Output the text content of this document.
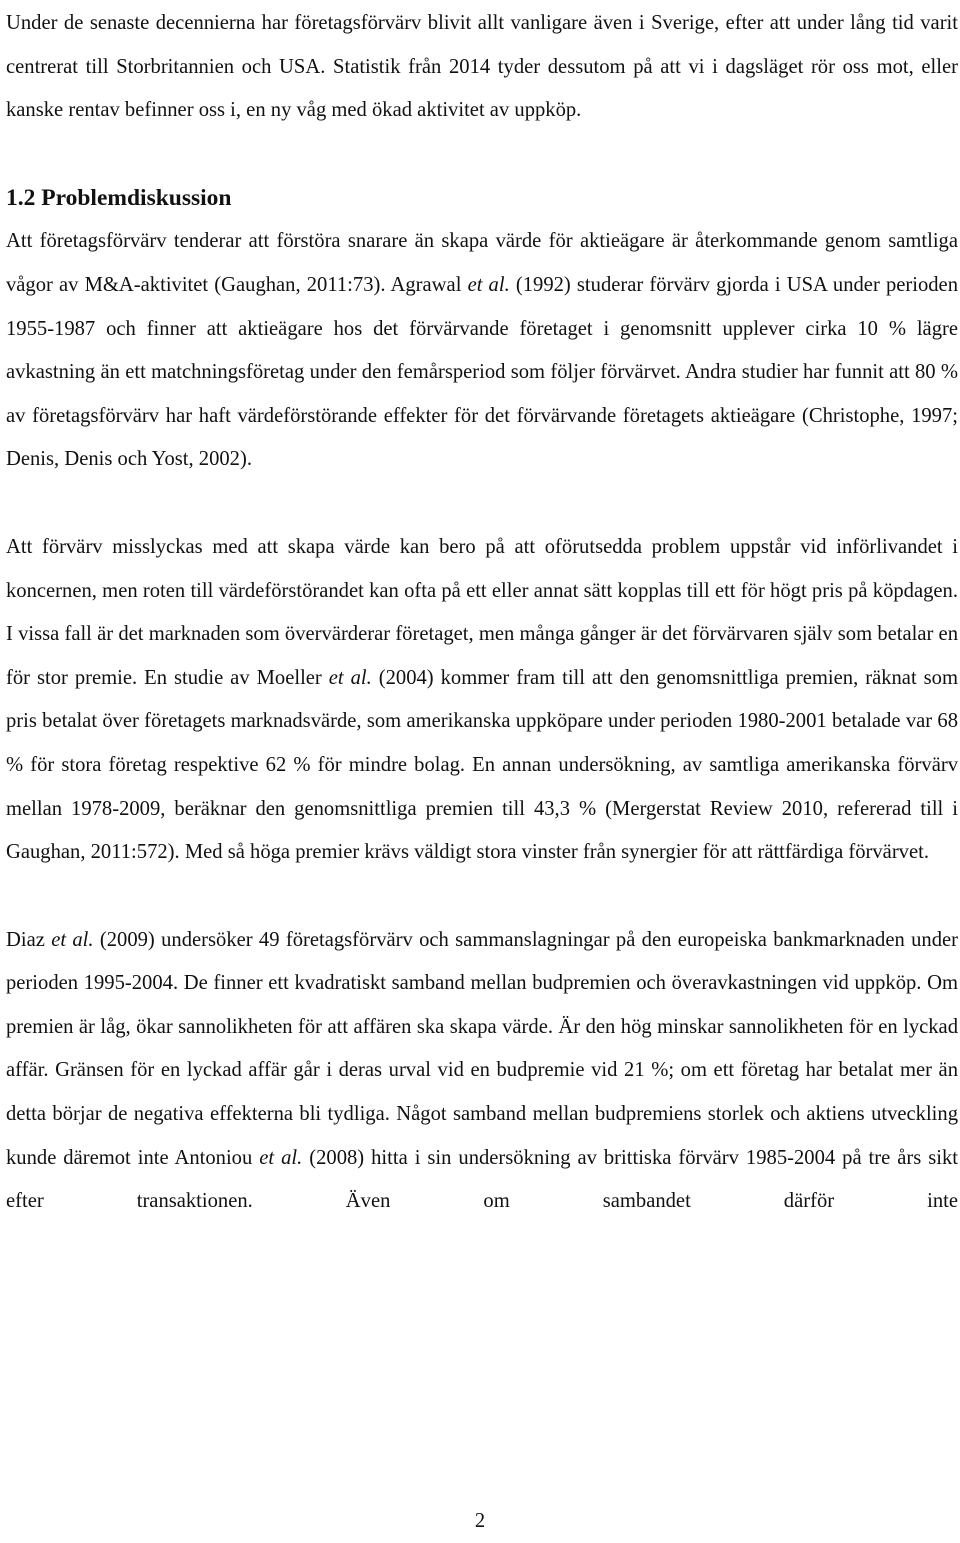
Under de senaste decennierna har företagsförvärv blivit allt vanligare även i Sverige, efter att under lång tid varit centrerat till Storbritannien och USA. Statistik från 2014 tyder dessutom på att vi i dagsläget rör oss mot, eller kanske rentav befinner oss i, en ny våg med ökad aktivitet av uppköp.

1.2 Problemdiskussion

Att företagsförvärv tenderar att förstöra snarare än skapa värde för aktieägare är återkommande genom samtliga vågor av M&A-aktivitet (Gaughan, 2011:73). Agrawal et al. (1992) studerar förvärv gjorda i USA under perioden 1955-1987 och finner att aktieägare hos det förvärvande företaget i genomsnitt upplever cirka 10 % lägre avkastning än ett matchningsföretag under den femårsperiod som följer förvärvet. Andra studier har funnit att 80 % av företagsförvärv har haft värdeförstörande effekter för det förvärvande företagets aktieägare (Christophe, 1997; Denis, Denis och Yost, 2002).

Att förvärv misslyckas med att skapa värde kan bero på att oförutsedda problem uppstår vid införlivandet i koncernen, men roten till värdeförstörandet kan ofta på ett eller annat sätt kopplas till ett för högt pris på köpdagen. I vissa fall är det marknaden som övervärderar företaget, men många gånger är det förvärvaren själv som betalar en för stor premie. En studie av Moeller et al. (2004) kommer fram till att den genomsnittliga premien, räknat som pris betalat över företagets marknadsvärde, som amerikanska uppköpare under perioden 1980-2001 betalade var 68 % för stora företag respektive 62 % för mindre bolag. En annan undersökning, av samtliga amerikanska förvärv mellan 1978-2009, beräknar den genomsnittliga premien till 43,3 % (Mergerstat Review 2010, refererad till i Gaughan, 2011:572). Med så höga premier krävs väldigt stora vinster från synergier för att rättfärdiga förvärvet.

Diaz et al. (2009) undersöker 49 företagsförvärv och sammanslagningar på den europeiska bankmarknaden under perioden 1995-2004. De finner ett kvadratiskt samband mellan budpremien och överavkastningen vid uppköp. Om premien är låg, ökar sannolikheten för att affären ska skapa värde. Är den hög minskar sannolikheten för en lyckad affär. Gränsen för en lyckad affär går i deras urval vid en budpremie vid 21 %; om ett företag har betalat mer än detta börjar de negativa effekterna bli tydliga. Något samband mellan budpremiens storlek och aktiens utveckling kunde däremot inte Antoniou et al. (2008) hitta i sin undersökning av brittiska förvärv 1985-2004 på tre års sikt efter transaktionen. Även om sambandet därför inte

2
